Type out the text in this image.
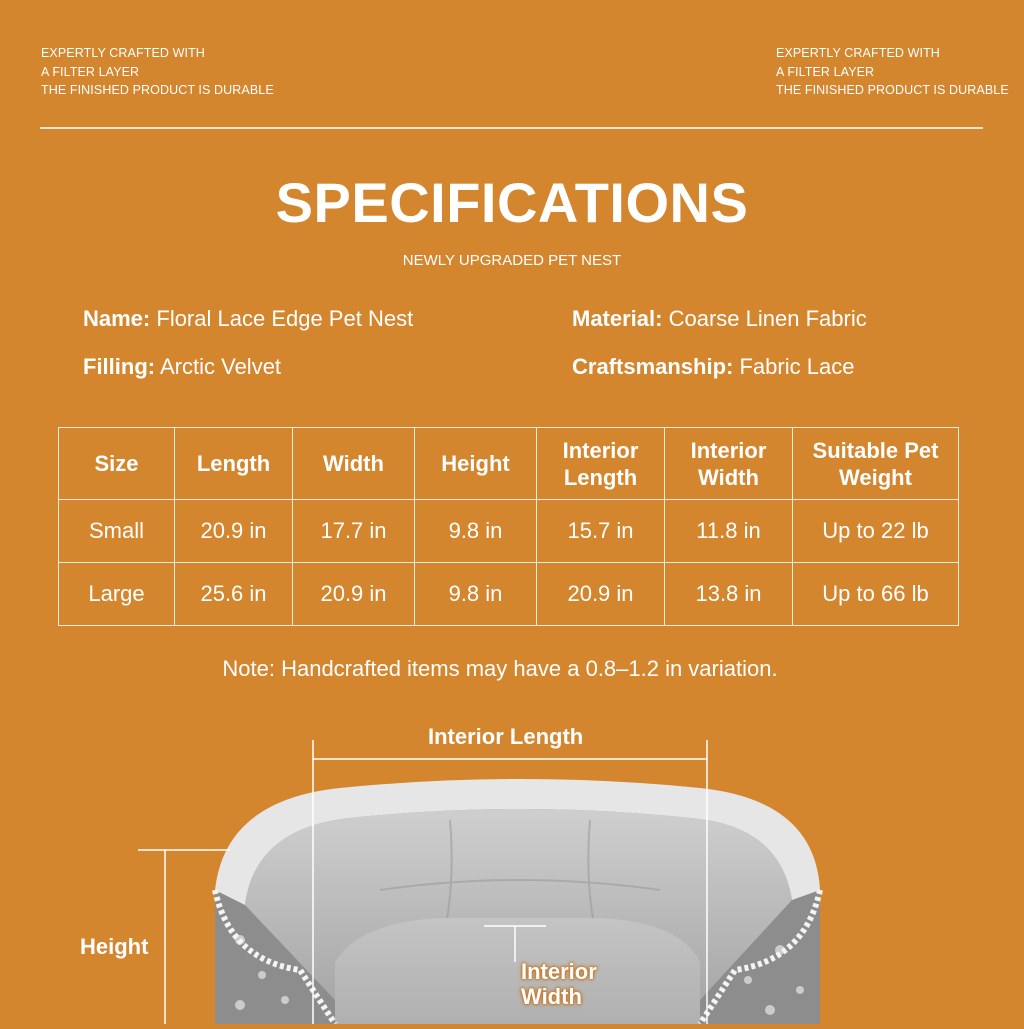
EXPERTLY CRAFTED WITH
A FILTER LAYER
THE FINISHED PRODUCT IS DURABLE
EXPERTLY CRAFTED WITH
A FILTER LAYER
THE FINISHED PRODUCT IS DURABLE
SPECIFICATIONS
NEWLY UPGRADED PET NEST
Name: Floral Lace Edge Pet Nest	Material: Coarse Linen Fabric
Filling: Arctic Velvet	Craftsmanship: Fabric Lace
Size	Length	Width	Height	Interior Length	Interior Width	Suitable Pet Weight
Small	20.9 in	17.7 in	9.8 in	15.7 in	11.8 in	Up to 22 lb
Large	25.6 in	20.9 in	9.8 in	20.9 in	13.8 in	Up to 66 lb
Note: Handcrafted items may have a 0.8–1.2 in variation.
Interior Length
Height
Interior
Width
